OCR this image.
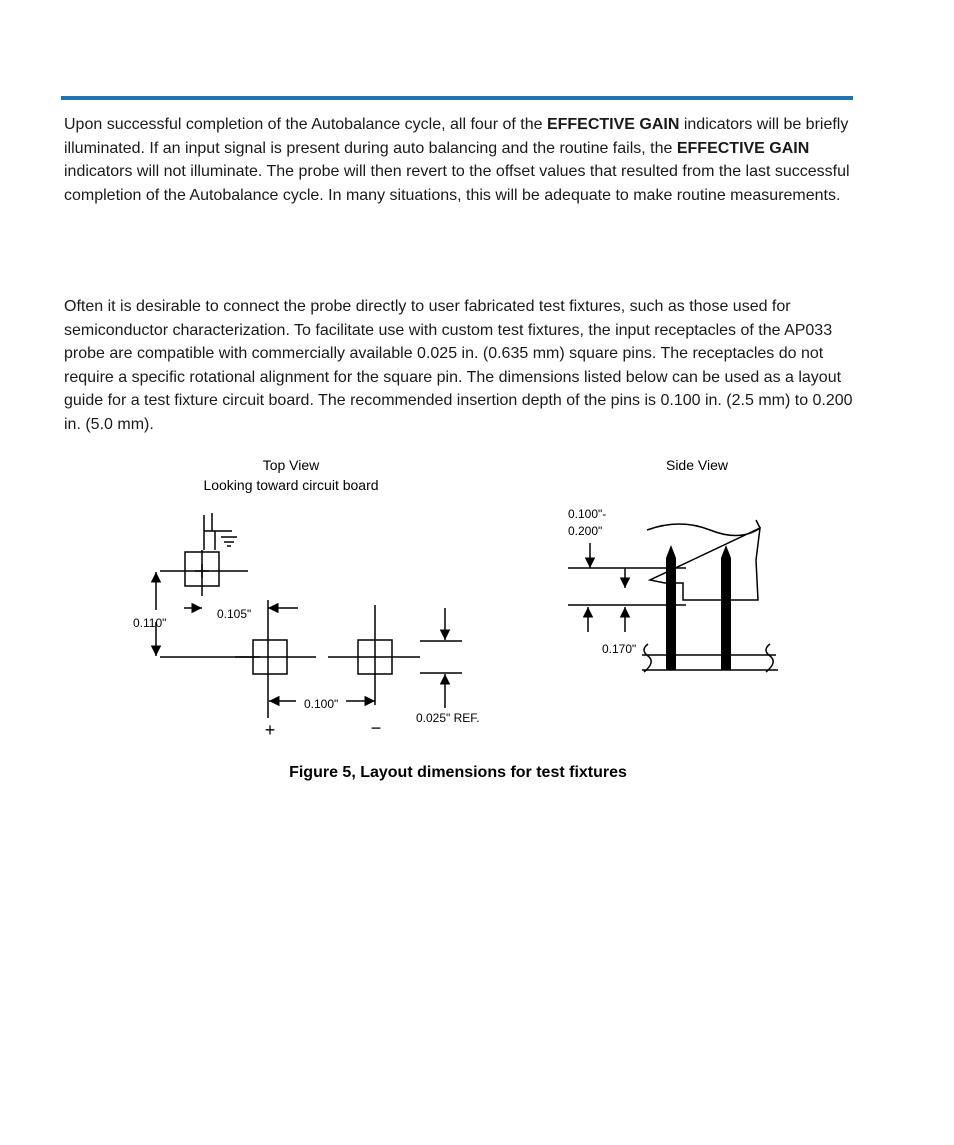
Upon successful completion of the Autobalance cycle, all four of the EFFECTIVE GAIN indicators will be briefly illuminated. If an input signal is present during auto balancing and the routine fails, the EFFECTIVE GAIN indicators will not illuminate. The probe will then revert to the offset values that resulted from the last successful completion of the Autobalance cycle. In many situations, this will be adequate to make routine measurements.

Often it is desirable to connect the probe directly to user fabricated test fixtures, such as those used for semiconductor characterization. To facilitate use with custom test fixtures, the input receptacles of the AP033 probe are compatible with commercially available 0.025 in. (0.635 mm) square pins. The receptacles do not require a specific rotational alignment for the square pin. The dimensions listed below can be used as a layout guide for a test fixture circuit board. The recommended insertion depth of the pins is 0.100 in. (2.5 mm) to 0.200 in. (5.0 mm).

Top View
Looking toward circuit board
Side View
0.110"
0.105"
0.100"
0.025" REF.
+	−
0.100"-
0.200"
0.170"
Figure 5, Layout dimensions for test fixtures
